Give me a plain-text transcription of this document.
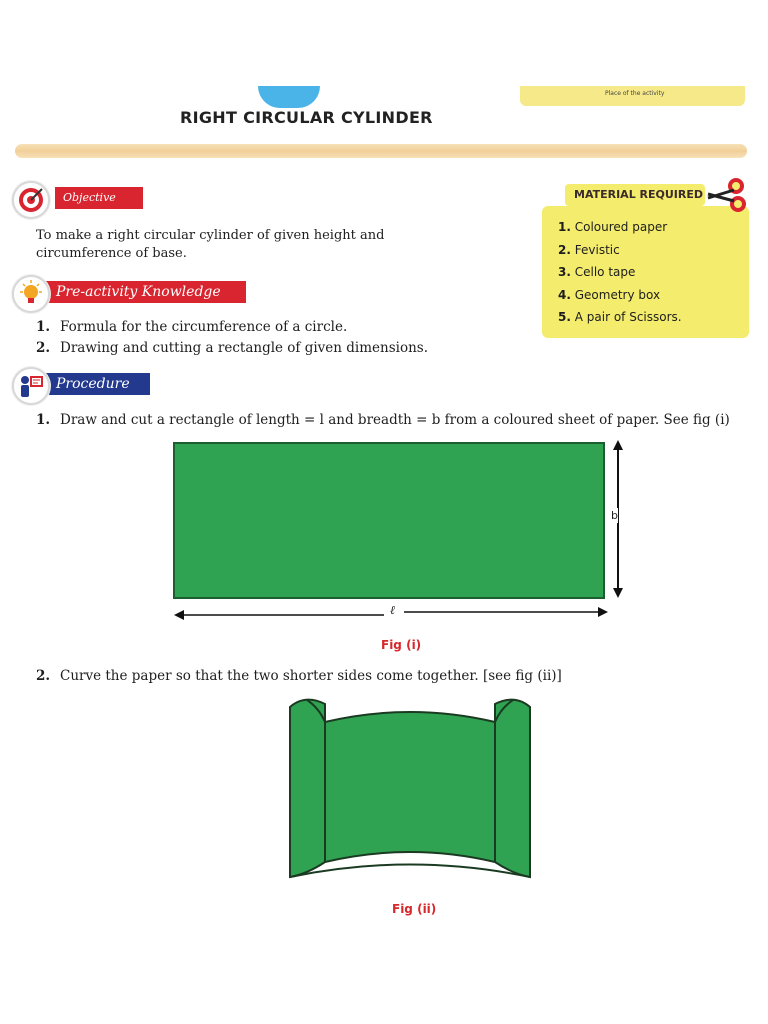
Place of the activity
RIGHT CIRCULAR CYLINDER
Objective
To make a right circular cylinder of given height and circumference of base.
Pre-activity Knowledge
1. Formula for the circumference of a circle.
2. Drawing and cutting a rectangle of given dimensions.
MATERIAL REQUIRED
1. Coloured paper
2. Fevistic
3. Cello tape
4. Geometry box
5. A pair of Scissors.
Procedure
1. Draw and cut a rectangle of length = l and breadth = b from a coloured sheet of paper. See fig (i)
b
ℓ
Fig (i)
2. Curve the paper so that the two shorter sides come together. [see fig (ii)]
Fig (ii)
